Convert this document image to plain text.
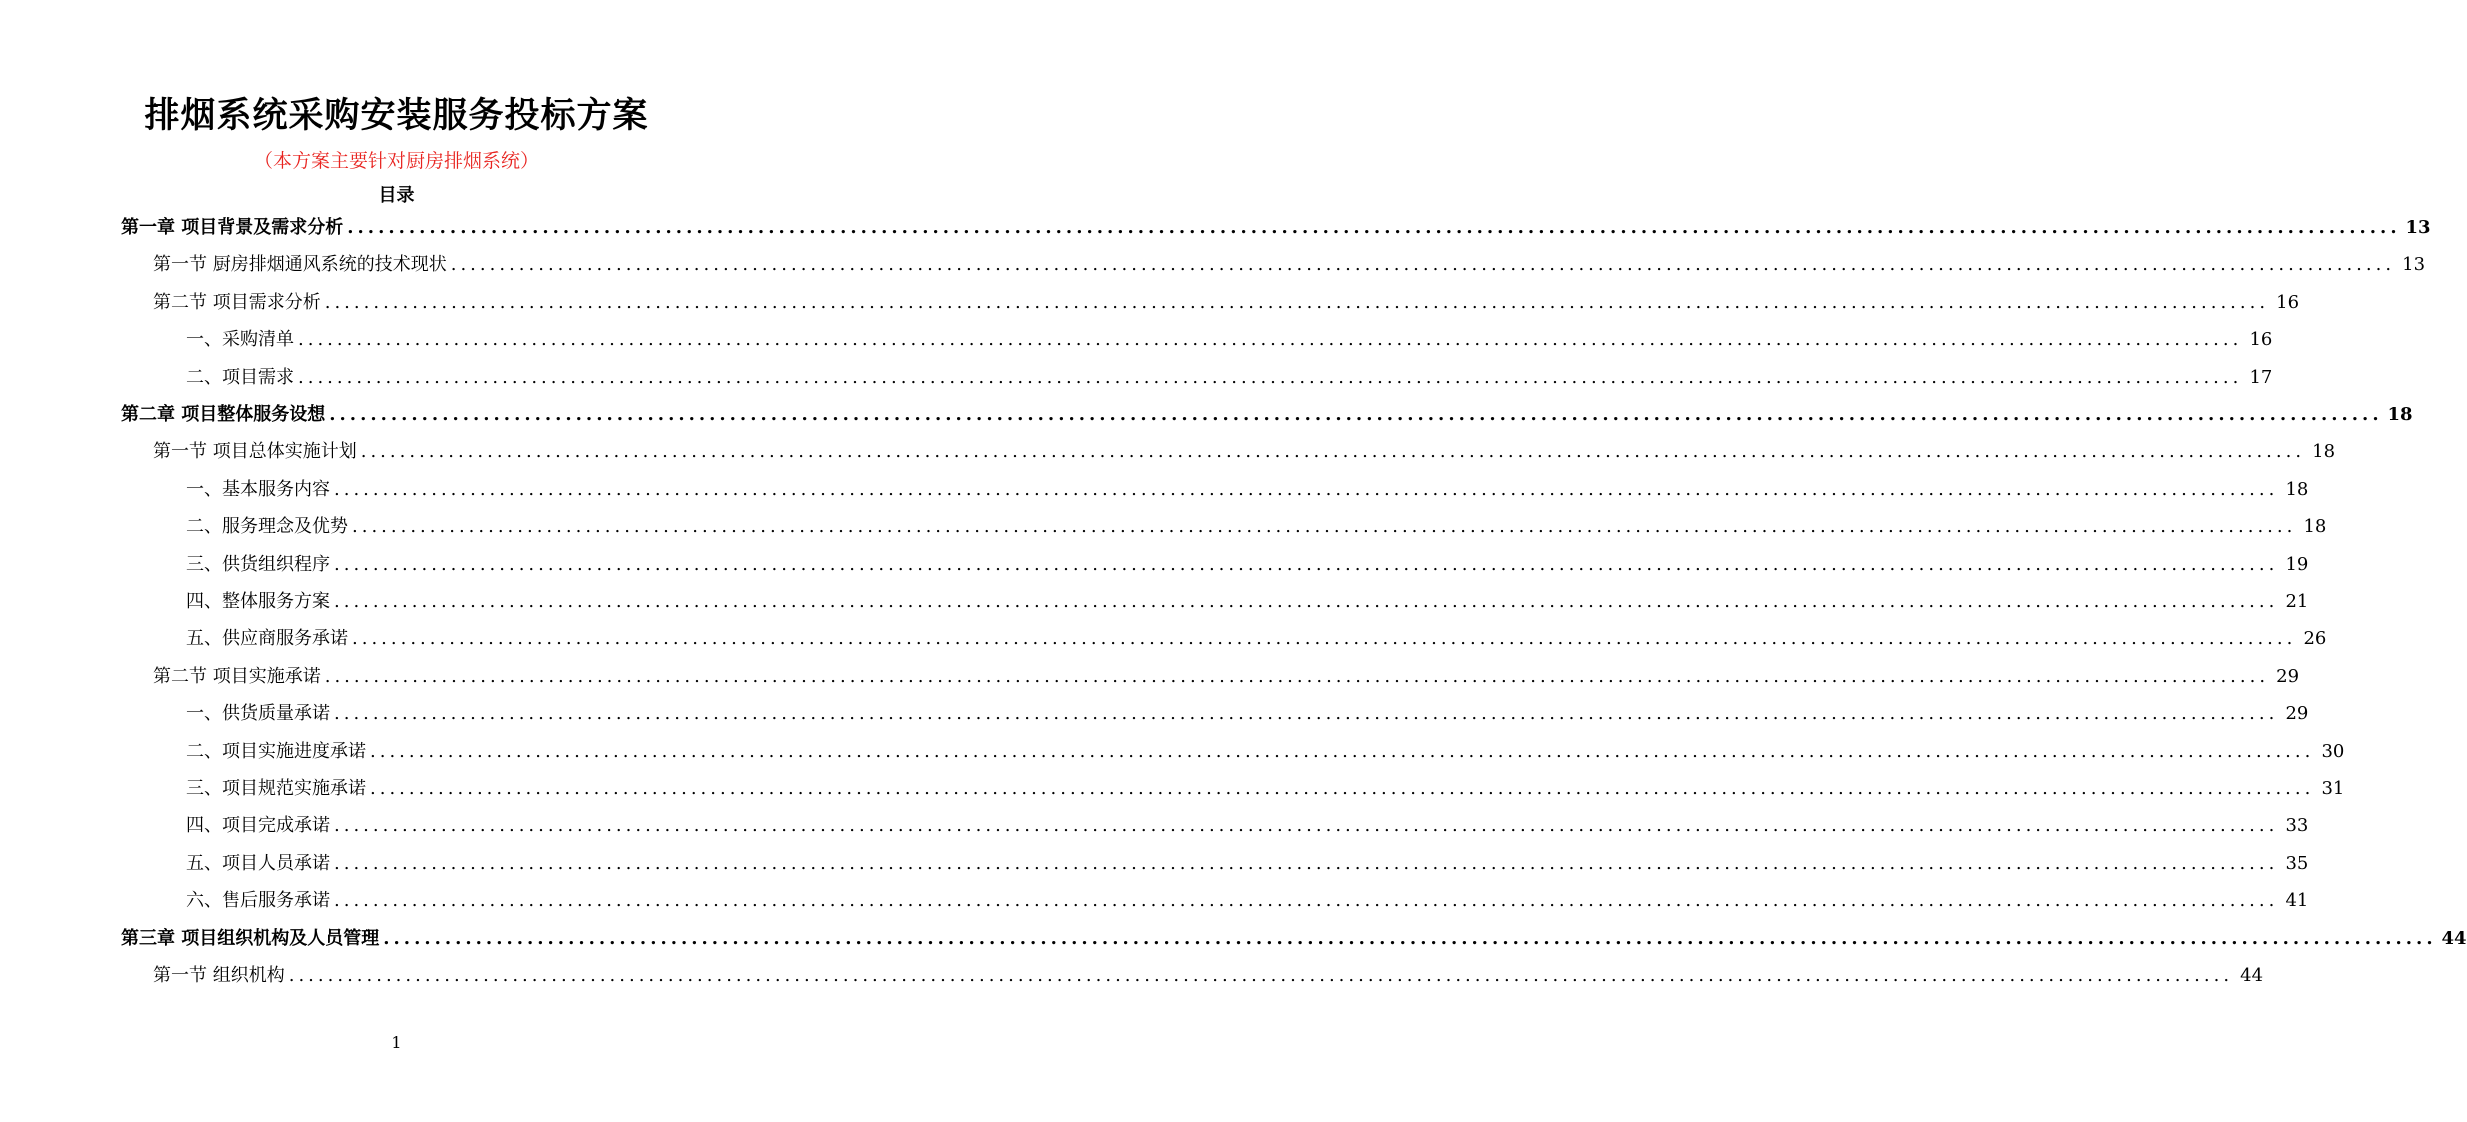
排烟系统采购安装服务投标方案
（本方案主要针对厨房排烟系统）
目录
第一章 项目背景及需求分析 ........................................................................................................................................................................................................ 13
第一节 厨房排烟通风系统的技术现状 ........................................................................................................................................................................................................ 13
第二节 项目需求分析 ........................................................................................................................................................................................................ 16
一、采购清单 ........................................................................................................................................................................................................ 16
二、项目需求 ........................................................................................................................................................................................................ 17
第二章 项目整体服务设想 ........................................................................................................................................................................................................ 18
第一节 项目总体实施计划 ........................................................................................................................................................................................................ 18
一、基本服务内容 ........................................................................................................................................................................................................ 18
二、服务理念及优势 ........................................................................................................................................................................................................ 18
三、供货组织程序 ........................................................................................................................................................................................................ 19
四、整体服务方案 ........................................................................................................................................................................................................ 21
五、供应商服务承诺 ........................................................................................................................................................................................................ 26
第二节 项目实施承诺 ........................................................................................................................................................................................................ 29
一、供货质量承诺 ........................................................................................................................................................................................................ 29
二、项目实施进度承诺 ........................................................................................................................................................................................................ 30
三、项目规范实施承诺 ........................................................................................................................................................................................................ 31
四、项目完成承诺 ........................................................................................................................................................................................................ 33
五、项目人员承诺 ........................................................................................................................................................................................................ 35
六、售后服务承诺 ........................................................................................................................................................................................................ 41
第三章 项目组织机构及人员管理 ........................................................................................................................................................................................................ 44
第一节 组织机构 ........................................................................................................................................................................................................ 44
1
